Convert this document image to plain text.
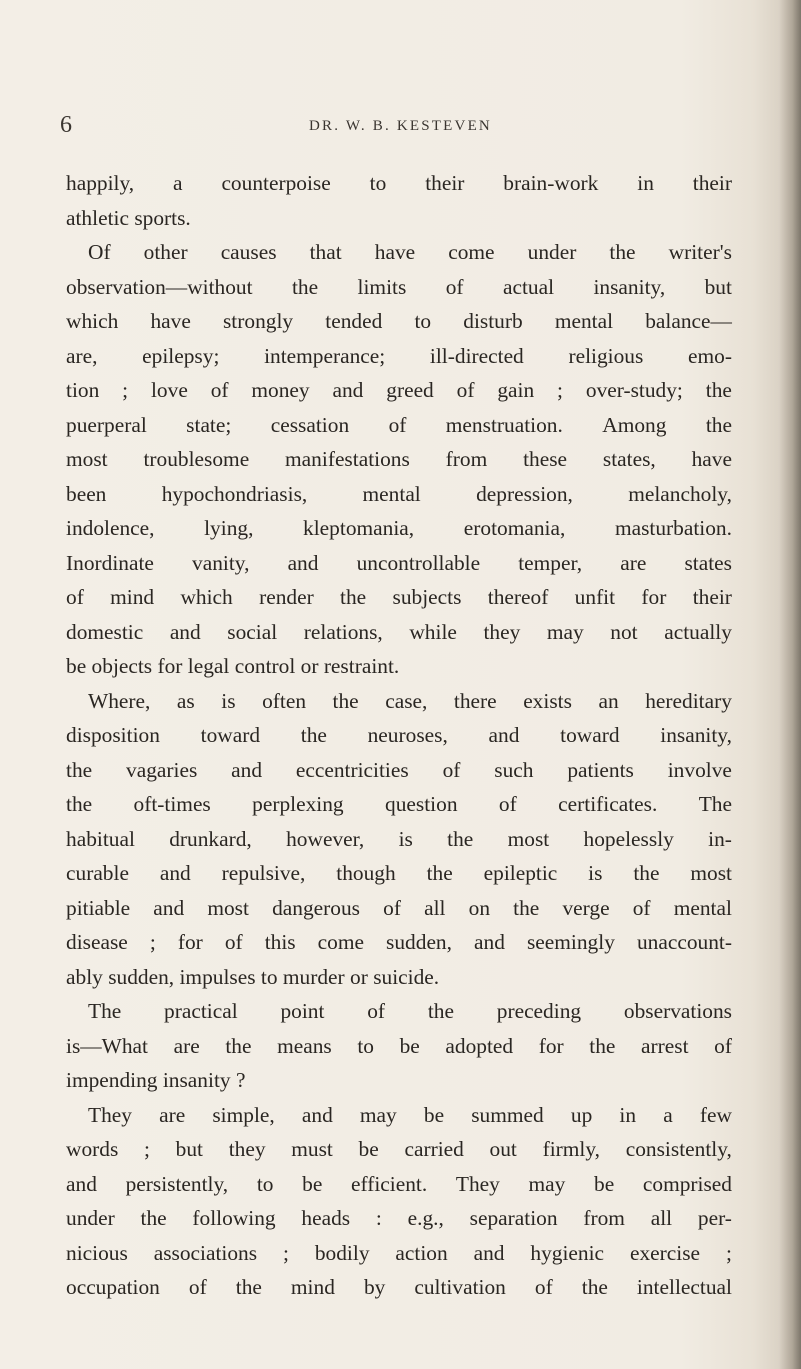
6	DR. W. B. KESTEVEN
happily, a counterpoise to their brain-work in their
athletic sports.
Of other causes that have come under the writer's
observation—without the limits of actual insanity, but
which have strongly tended to disturb mental balance—
are, epilepsy; intemperance; ill-directed religious emo-
tion ; love of money and greed of gain ; over-study; the
puerperal state; cessation of menstruation. Among the
most troublesome manifestations from these states, have
been	hypochondriasis,	mental	depression,	melancholy,
indolence, lying, kleptomania, erotomania, masturbation.
Inordinate vanity, and uncontrollable temper, are states
of mind which render the subjects thereof unfit for their
domestic and social relations, while they may not actually
be objects for legal control or restraint.
Where, as is often the case, there exists an hereditary
disposition toward the neuroses, and toward insanity,
the vagaries and eccentricities of such patients involve
the oft-times perplexing question of certificates. The
habitual drunkard, however, is the most hopelessly in-
curable and repulsive, though the epileptic is the most
pitiable and most dangerous of all on the verge of mental
disease ; for of this come sudden, and seemingly unaccount-
ably sudden, impulses to murder or suicide.
The practical point of the preceding observations
is—What are the means to be adopted for the arrest of
impending insanity ?
They are simple, and may be summed up in a few
words ; but they must be carried out firmly, consistently,
and persistently, to be efficient. They may be comprised
under the following heads : e.g., separation from all per-
nicious associations ; bodily action and hygienic exercise ;
occupation of the mind by cultivation of the intellectual
